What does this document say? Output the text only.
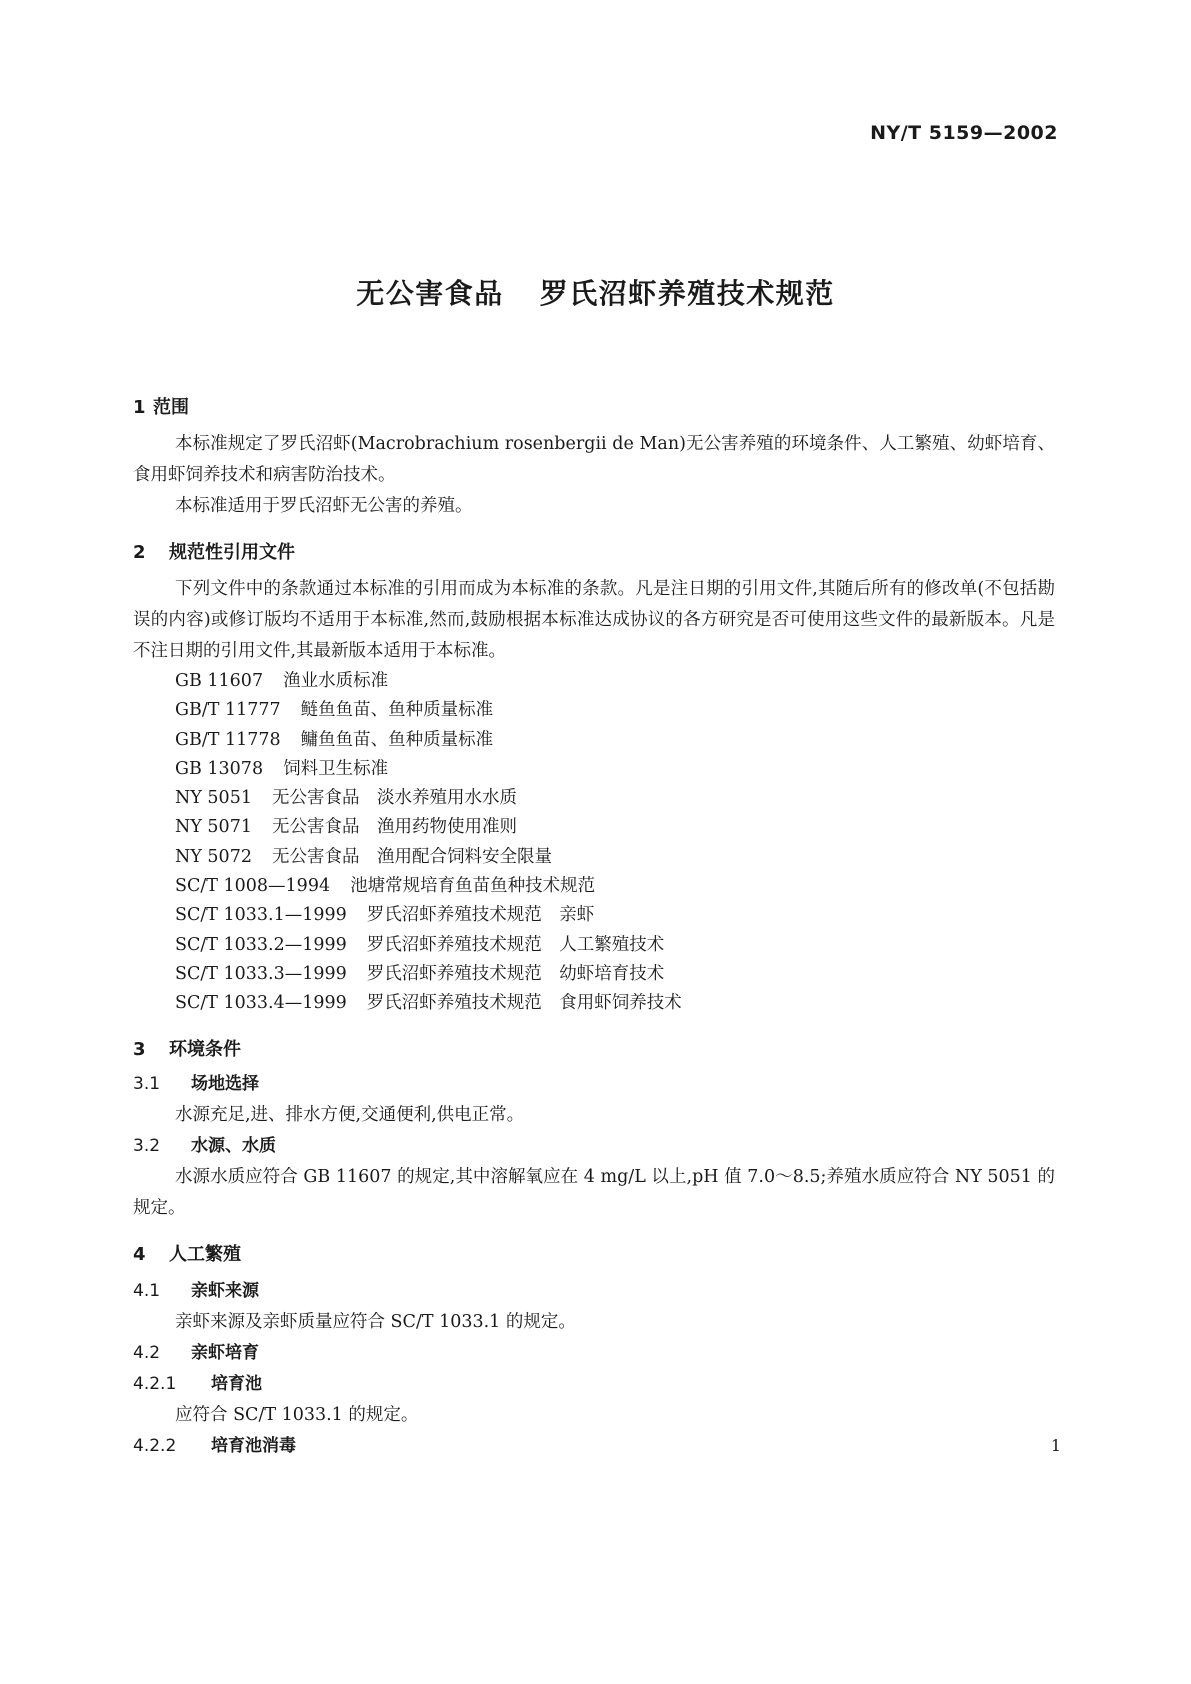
NY/T 5159—2002
无公害食品 罗氏沼虾养殖技术规范
1 范围

本标准规定了罗氏沼虾(Macrobrachium rosenbergii de Man)无公害养殖的环境条件、人工繁殖、幼虾培育、食用虾饲养技术和病害防治技术。

本标准适用于罗氏沼虾无公害的养殖。

2 规范性引用文件

下列文件中的条款通过本标准的引用而成为本标准的条款。凡是注日期的引用文件,其随后所有的修改单(不包括勘误的内容)或修订版均不适用于本标准,然而,鼓励根据本标准达成协议的各方研究是否可使用这些文件的最新版本。凡是不注日期的引用文件,其最新版本适用于本标准。

GB 11607 渔业水质标准

GB/T 11777 鲢鱼鱼苗、鱼种质量标准

GB/T 11778 鳙鱼鱼苗、鱼种质量标准

GB 13078 饲料卫生标准

NY 5051 无公害食品　淡水养殖用水水质

NY 5071 无公害食品　渔用药物使用准则

NY 5072 无公害食品　渔用配合饲料安全限量

SC/T 1008—1994 池塘常规培育鱼苗鱼种技术规范

SC/T 1033.1—1999 罗氏沼虾养殖技术规范　亲虾

SC/T 1033.2—1999 罗氏沼虾养殖技术规范　人工繁殖技术

SC/T 1033.3—1999 罗氏沼虾养殖技术规范　幼虾培育技术

SC/T 1033.4—1999 罗氏沼虾养殖技术规范　食用虾饲养技术

3 环境条件
3.1 场地选择

水源充足,进、排水方便,交通便利,供电正常。

3.2 水源、水质

水源水质应符合 GB 11607 的规定,其中溶解氧应在 4 mg/L 以上,pH 值 7.0～8.5;养殖水质应符合 NY 5051 的规定。

4 人工繁殖
4.1 亲虾来源

亲虾来源及亲虾质量应符合 SC/T 1033.1 的规定。

4.2 亲虾培育
4.2.1 培育池

应符合 SC/T 1033.1 的规定。

4.2.2 培育池消毒	1
